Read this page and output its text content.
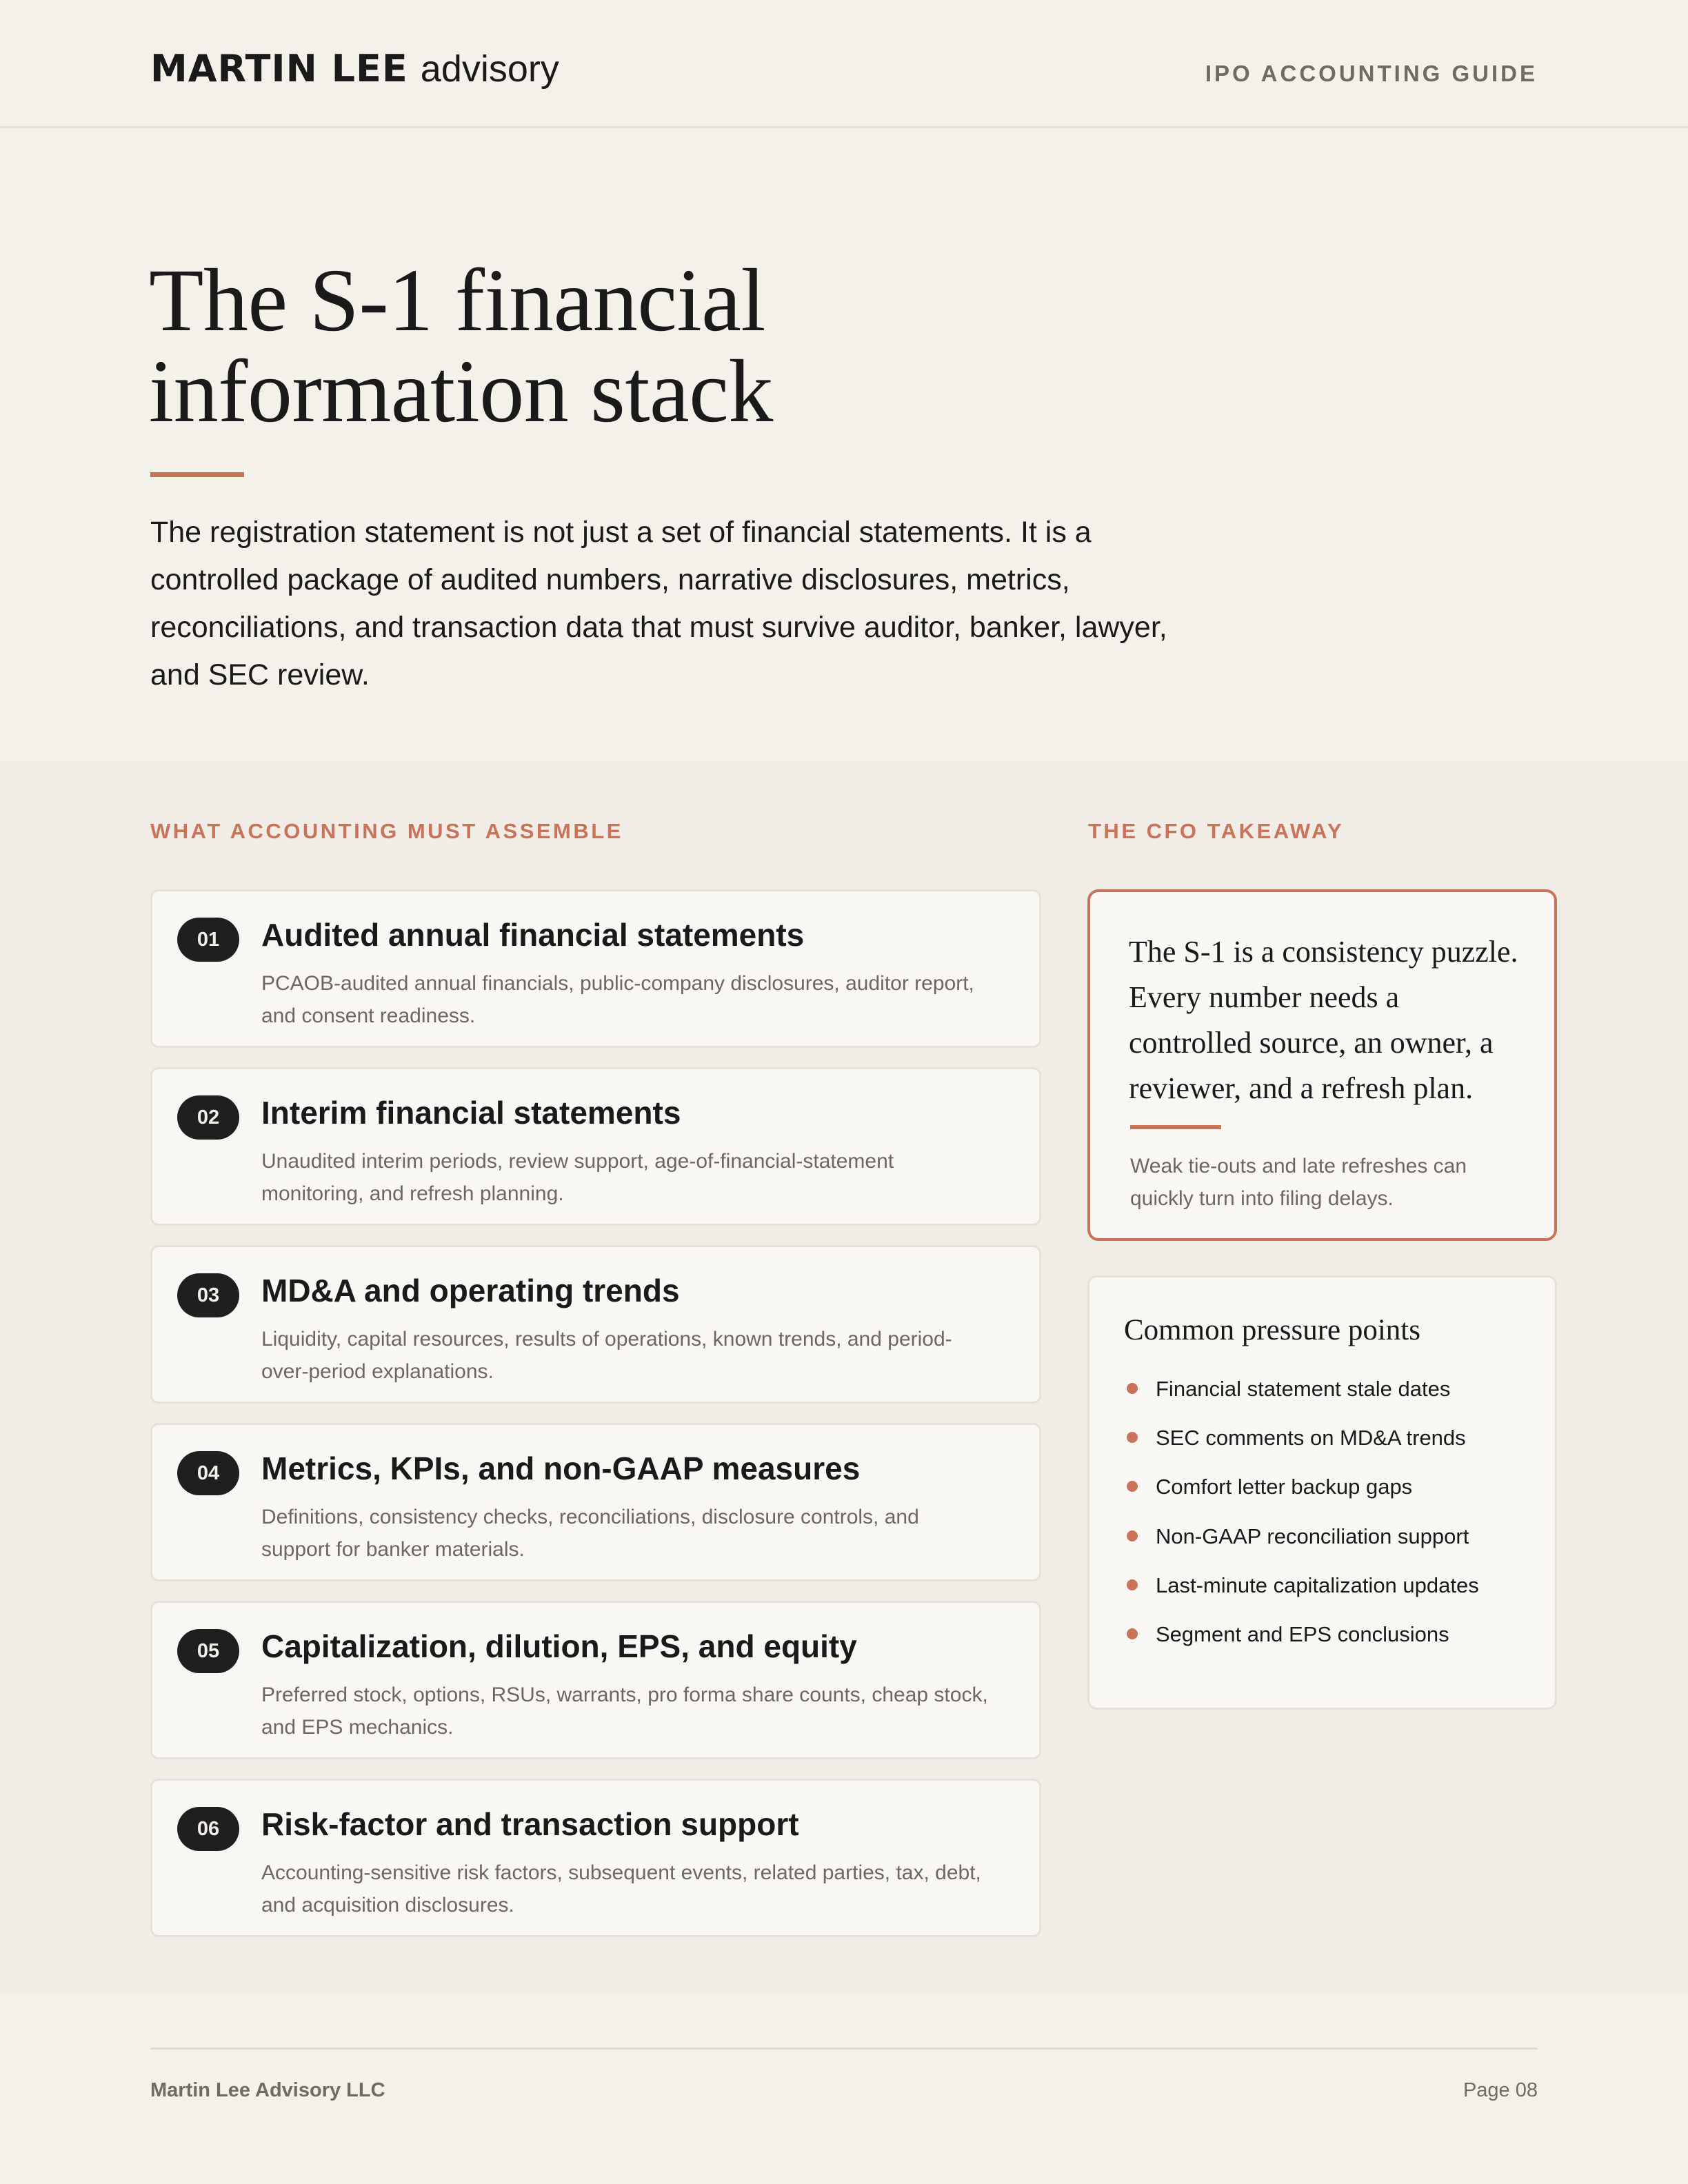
MARTIN LEE advisory	IPO ACCOUNTING GUIDE
The S-1 financial
information stack

The registration statement is not just a set of financial statements. It is a controlled package of audited numbers, narrative disclosures, metrics, reconciliations, and transaction data that must survive auditor, banker, lawyer, and SEC review.

WHAT ACCOUNTING MUST ASSEMBLE	THE CFO TAKEAWAY
01	Audited annual financial statements
PCAOB-audited annual financials, public-company disclosures, auditor report, and consent readiness.
02	Interim financial statements
Unaudited interim periods, review support, age-of-financial-statement monitoring, and refresh planning.
03	MD&A and operating trends
Liquidity, capital resources, results of operations, known trends, and period-over-period explanations.
04	Metrics, KPIs, and non-GAAP measures
Definitions, consistency checks, reconciliations, disclosure controls, and support for banker materials.
05	Capitalization, dilution, EPS, and equity
Preferred stock, options, RSUs, warrants, pro forma share counts, cheap stock, and EPS mechanics.
06	Risk-factor and transaction support
Accounting-sensitive risk factors, subsequent events, related parties, tax, debt, and acquisition disclosures.

The S-1 is a consistency puzzle. Every number needs a controlled source, an owner, a reviewer, and a refresh plan.

Weak tie-outs and late refreshes can quickly turn into filing delays.

Common pressure points
Financial statement stale dates
SEC comments on MD&A trends
Comfort letter backup gaps
Non-GAAP reconciliation support
Last-minute capitalization updates
Segment and EPS conclusions
Martin Lee Advisory LLC	Page 08
